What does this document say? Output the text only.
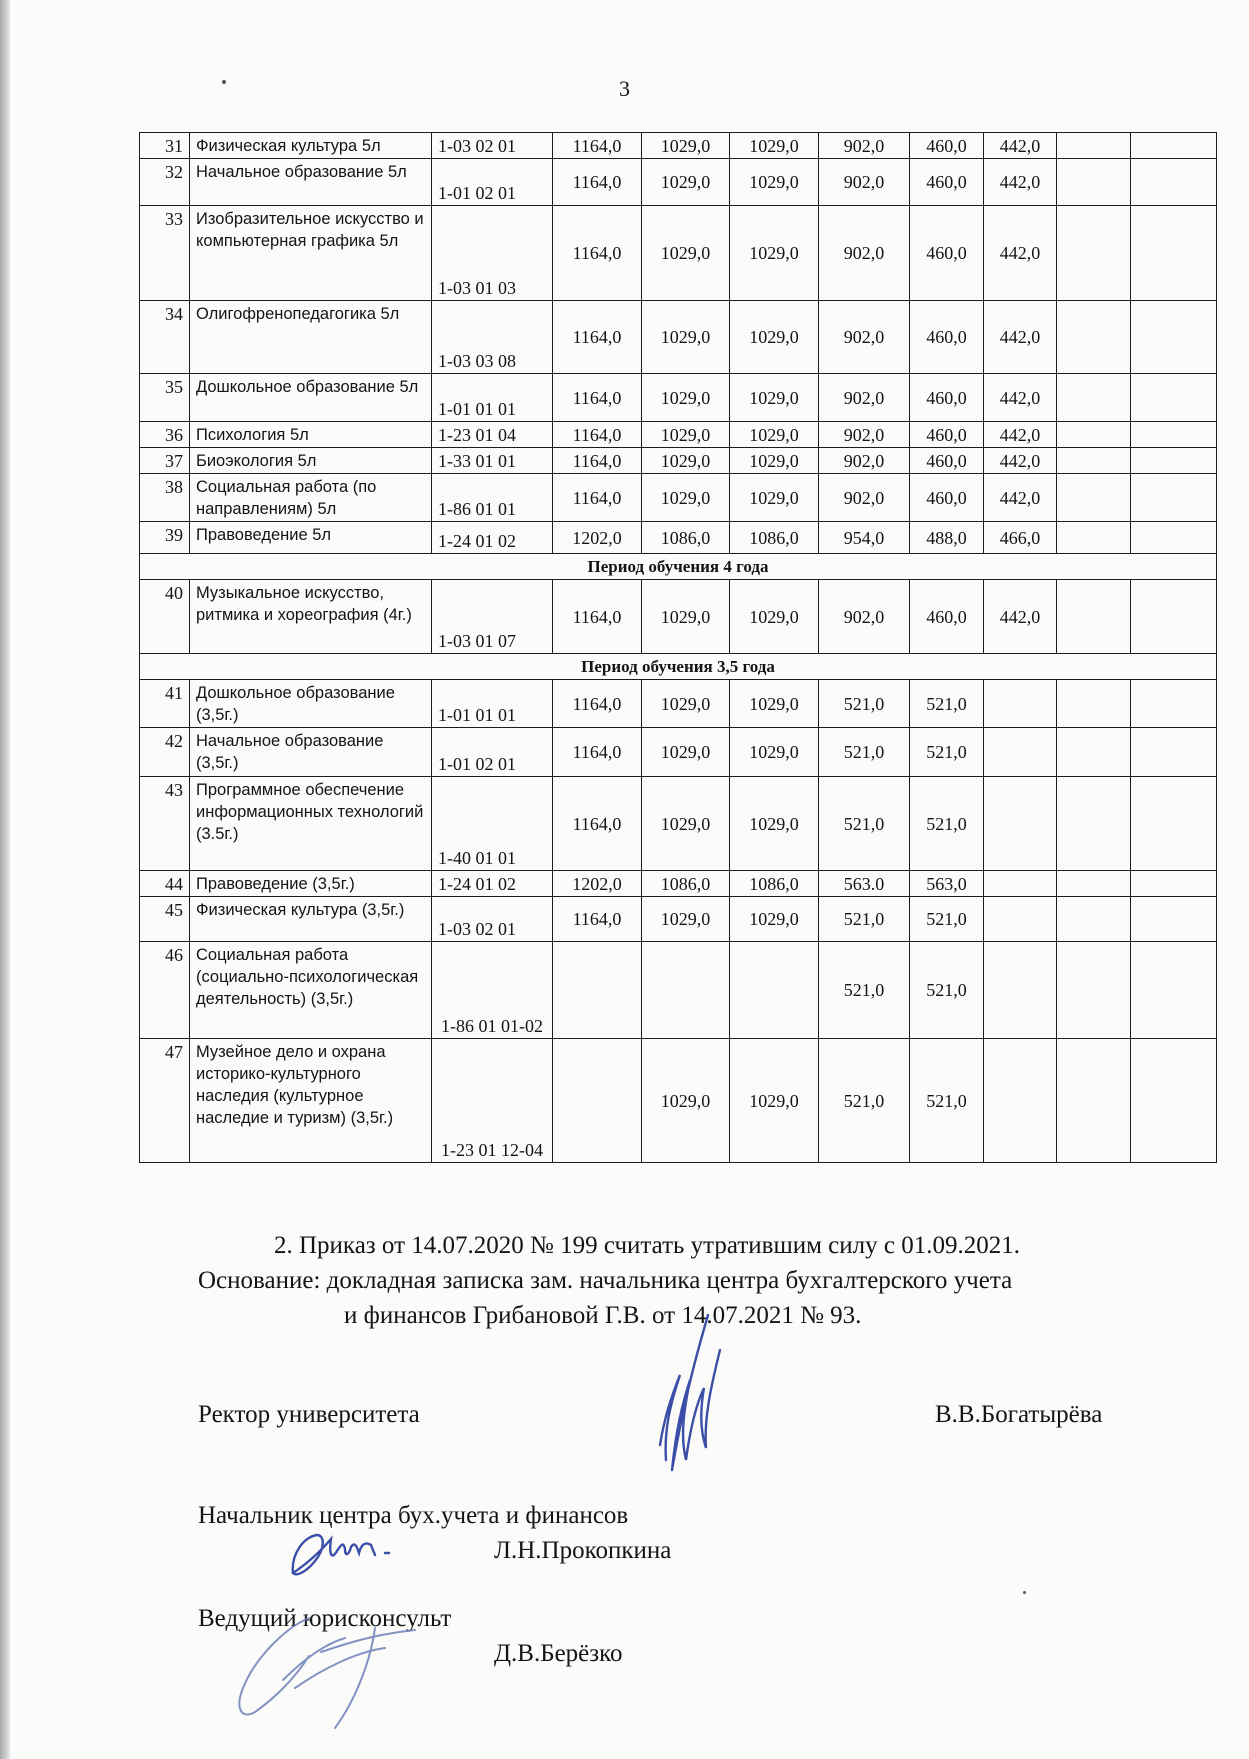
3
31	Физическая культура 5л	1-03 02 01	1164,0	1029,0	1029,0	902,0	460,0	442,0		
32	Начальное образование 5л	1-01 02 01	1164,0	1029,0	1029,0	902,0	460,0	442,0		
33	Изобразительное искусство и компьютерная графика 5л	1-03 01 03	1164,0	1029,0	1029,0	902,0	460,0	442,0		
34	Олигофренопедагогика 5л	1-03 03 08	1164,0	1029,0	1029,0	902,0	460,0	442,0		
35	Дошкольное образование 5л	1-01 01 01	1164,0	1029,0	1029,0	902,0	460,0	442,0		
36	Психология 5л	1-23 01 04	1164,0	1029,0	1029,0	902,0	460,0	442,0		
37	Биоэкология 5л	1-33 01 01	1164,0	1029,0	1029,0	902,0	460,0	442,0		
38	Социальная работа (по направлениям) 5л	1-86 01 01	1164,0	1029,0	1029,0	902,0	460,0	442,0		
39	Правоведение 5л	1-24 01 02	1202,0	1086,0	1086,0	954,0	488,0	466,0		
Период обучения 4 года										
40	Музыкальное искусство, ритмика и хореография (4г.)	1-03 01 07	1164,0	1029,0	1029,0	902,0	460,0	442,0		
Период обучения 3,5 года										
41	Дошкольное образование (3,5г.)	1-01 01 01	1164,0	1029,0	1029,0	521,0	521,0			
42	Начальное образование (3,5г.)	1-01 02 01	1164,0	1029,0	1029,0	521,0	521,0			
43	Программное обеспечение информационных технологий (3.5г.)	1-40 01 01	1164,0	1029,0	1029,0	521,0	521,0			
44	Правоведение (3,5г.)	1-24 01 02	1202,0	1086,0	1086,0	563.0	563,0			
45	Физическая культура (3,5г.)	1-03 02 01	1164,0	1029,0	1029,0	521,0	521,0			
46	Социальная работа (социально-психологическая деятельность) (3,5г.)	1-86 01 01-02				521,0	521,0			
47	Музейное дело и охрана историко-культурного наследия (культурное наследие и туризм) (3,5г.)	1-23 01 12-04		1029,0	1029,0	521,0	521,0			
2. Приказ от 14.07.2020 № 199 считать утратившим силу с 01.09.2021.
Основание: докладная записка зам. начальника центра бухгалтерского учета
и финансов Грибановой Г.В. от 14.07.2021 № 93.
Ректор университета	В.В.Богатырёва
Начальник центра бух.учета и финансов
Л.Н.Прокопкина
Ведущий юрисконсульт
Д.В.Берёзко
